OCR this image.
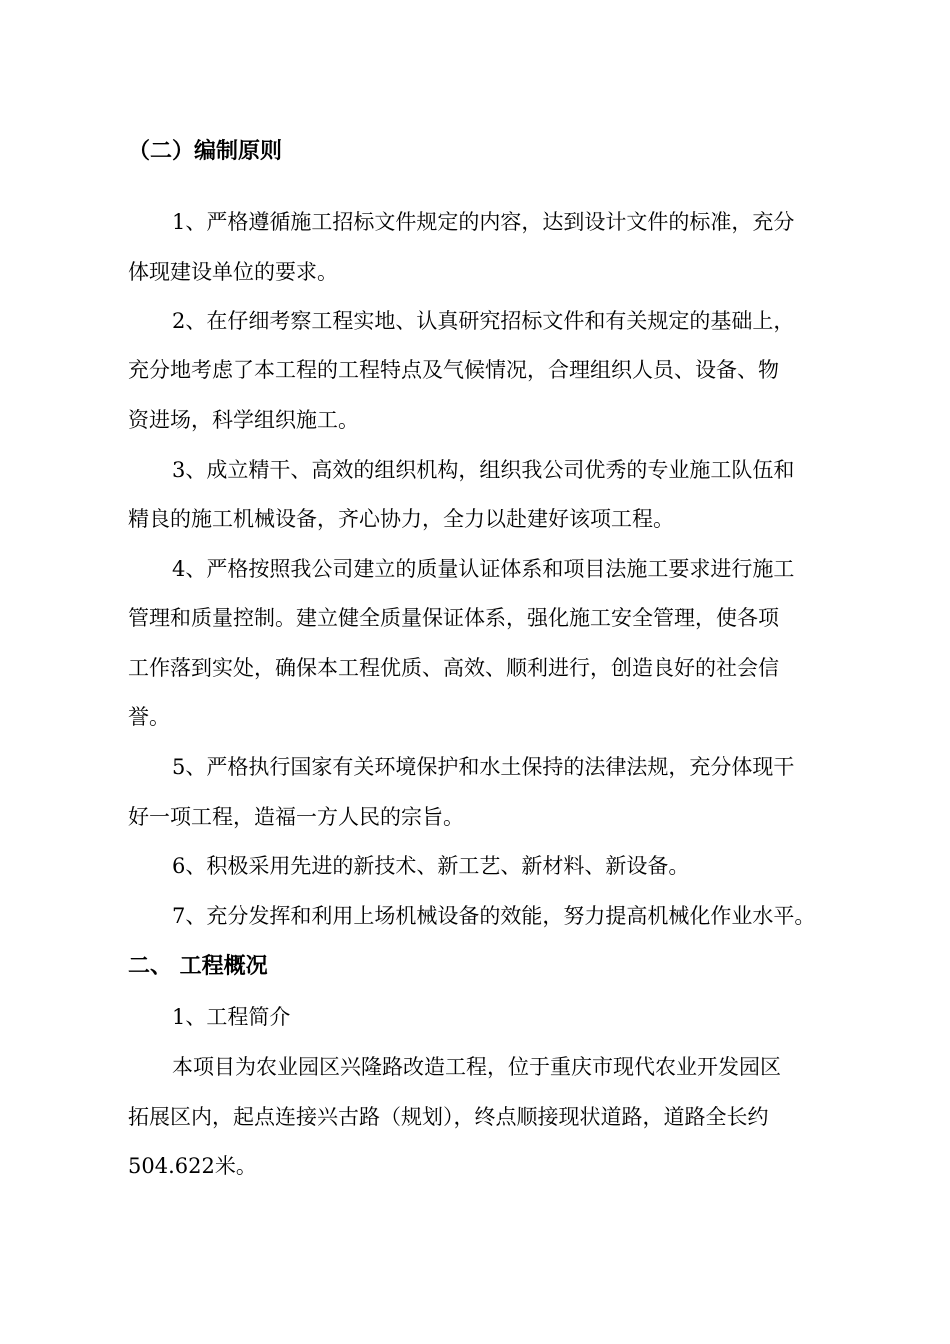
（二）编制原则
1、严格遵循施工招标文件规定的内容，达到设计文件的标准，充分
体现建设单位的要求。
2、在仔细考察工程实地、认真研究招标文件和有关规定的基础上，
充分地考虑了本工程的工程特点及气候情况，合理组织人员、设备、物
资进场，科学组织施工。
3、成立精干、高效的组织机构，组织我公司优秀的专业施工队伍和
精良的施工机械设备，齐心协力，全力以赴建好该项工程。
4、严格按照我公司建立的质量认证体系和项目法施工要求进行施工
管理和质量控制。建立健全质量保证体系，强化施工安全管理，使各项
工作落到实处，确保本工程优质、高效、顺利进行，创造良好的社会信
誉。
5、严格执行国家有关环境保护和水土保持的法律法规，充分体现干
好一项工程，造福一方人民的宗旨。
6、积极采用先进的新技术、新工艺、新材料、新设备。
7、充分发挥和利用上场机械设备的效能，努力提高机械化作业水平。
二、 工程概况
1、工程简介
本项目为农业园区兴隆路改造工程，位于重庆市现代农业开发园区
拓展区内，起点连接兴古路（规划），终点顺接现状道路，道路全长约
504.622米。
